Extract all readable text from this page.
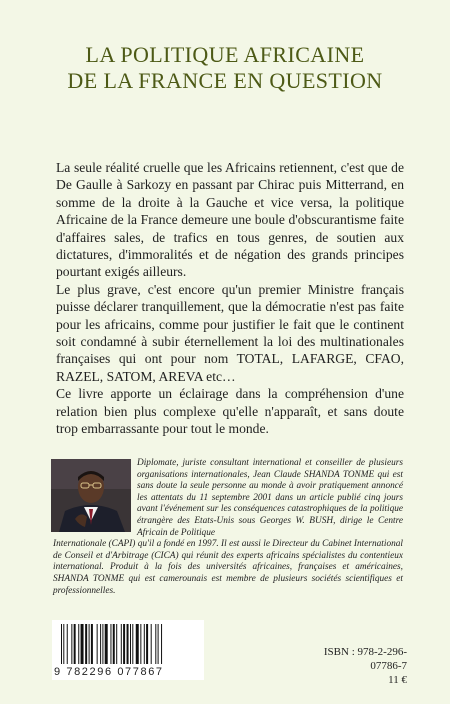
LA POLITIQUE AFRICAINE
DE LA FRANCE EN QUESTION

La seule réalité cruelle que les Africains retiennent, c'est que de De Gaulle à Sarkozy en passant par Chirac puis Mitterrand, en somme de la droite à la Gauche et vice versa, la politique Africaine de la France demeure une boule d'obscurantisme faite d'affaires sales, de trafics en tous genres, de soutien aux dictatures, d'immoralités et de négation des grands principes pourtant exigés ailleurs.

Le plus grave, c'est encore qu'un premier Ministre français puisse déclarer tranquillement, que la démocratie n'est pas faite pour les africains, comme pour justifier le fait que le continent soit condamné à subir éternellement la loi des multinationales françaises qui ont pour nom TOTAL, LAFARGE, CFAO, RAZEL, SATOM, AREVA etc…

Ce livre apporte un éclairage dans la compréhension d'une relation bien plus complexe qu'elle n'apparaît, et sans doute trop embarrassante pour tout le monde.

Diplomate, juriste consultant international et conseiller de plusieurs organisations internationales, Jean Claude SHANDA TONME qui est sans doute la seule personne au monde à avoir pratiquement annoncé les attentats du 11 septembre 2001 dans un article publié cinq jours avant l'événement sur les conséquences catastrophiques de la politique étrangère des Etats-Unis sous Georges W. BUSH, dirige le Centre Africain de Politique

Internationale (CAPI) qu'il a fondé en 1997. Il est aussi le Directeur du Cabinet International de Conseil et d'Arbitrage (CICA) qui réunit des experts africains spécialistes du contentieux international. Produit à la fois des universités africaines, françaises et américaines, SHANDA TONME qui est camerounais est membre de plusieurs sociétés scientifiques et professionnelles.

9 782296 077867
ISBN : 978-2-296-07786-7
11 €
